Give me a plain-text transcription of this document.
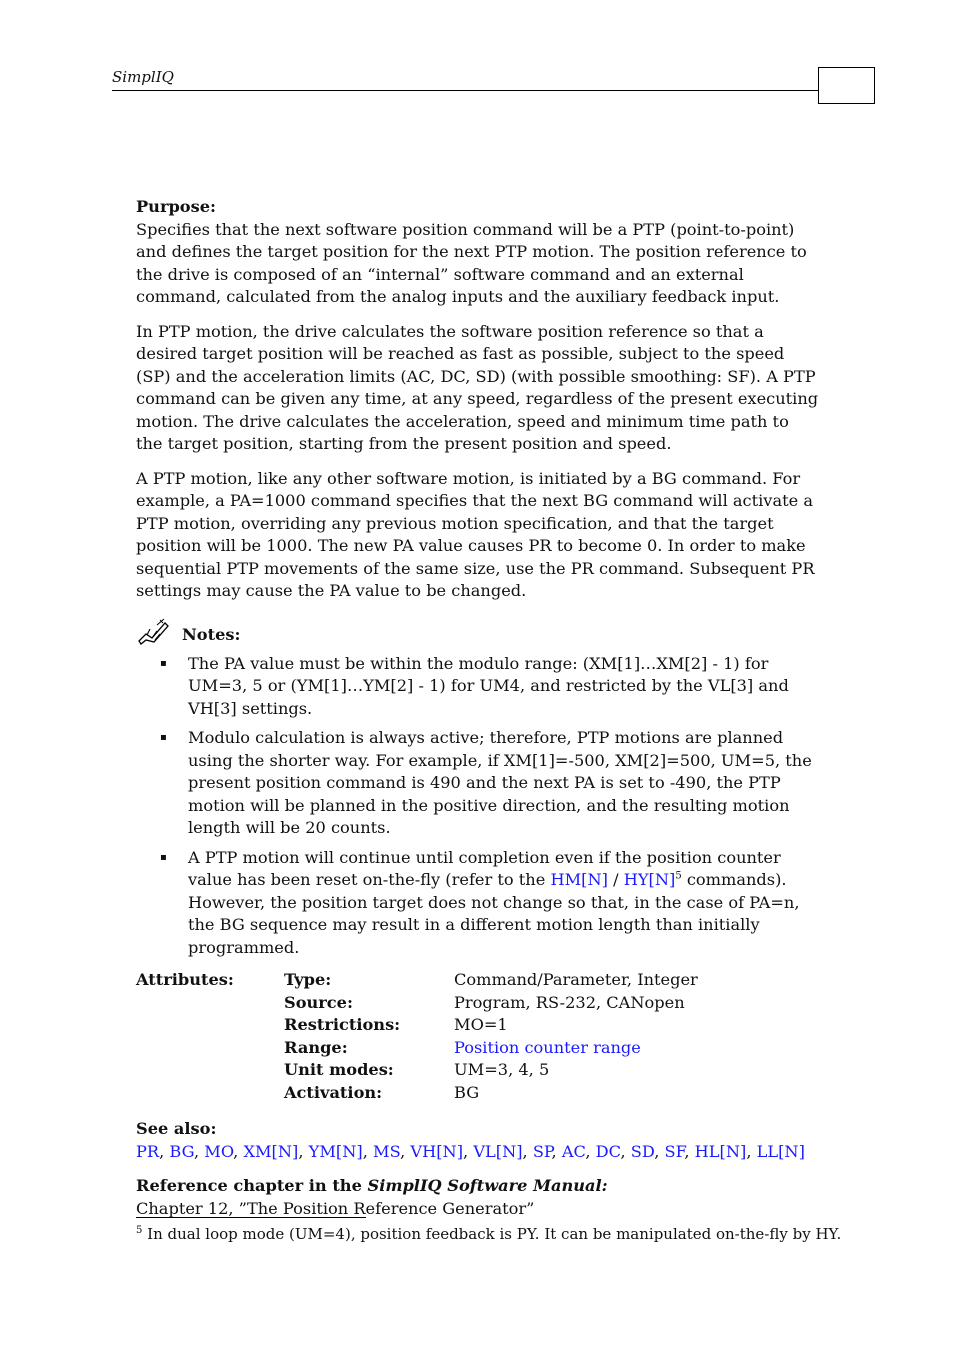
SimplIQ
Purpose:

Specifies that the next software position command will be a PTP (point-to-point) and defines the target position for the next PTP motion. The position reference to the drive is composed of an “internal” software command and an external command, calculated from the analog inputs and the auxiliary feedback input.

In PTP motion, the drive calculates the software position reference so that a desired target position will be reached as fast as possible, subject to the speed (SP) and the acceleration limits (AC, DC, SD) (with possible smoothing: SF). A PTP command can be given any time, at any speed, regardless of the present executing motion. The drive calculates the acceleration, speed and minimum time path to the target position, starting from the present position and speed.

A PTP motion, like any other software motion, is initiated by a BG command. For example, a PA=1000 command specifies that the next BG command will activate a PTP motion, overriding any previous motion specification, and that the target position will be 1000. The new PA value causes PR to become 0. In order to make sequential PTP movements of the same size, use the PR command. Subsequent PR settings may cause the PA value to be changed.

Notes:
▪ The PA value must be within the modulo range: (XM[1]…XM[2] - 1) for UM=3, 5 or (YM[1]…YM[2] - 1) for UM4, and restricted by the VL[3] and VH[3] settings.
▪ Modulo calculation is always active; therefore, PTP motions are planned using the shorter way. For example, if XM[1]=-500, XM[2]=500, UM=5, the present position command is 490 and the next PA is set to -490, the PTP motion will be planned in the positive direction, and the resulting motion length will be 20 counts.
▪ A PTP motion will continue until completion even if the position counter value has been reset on-the-fly (refer to the $HM[N] / HY[N]^5$ commands). However, the position target does not change so that, in the case of PA=n, the BG sequence may result in a different motion length than initially programmed.
Attributes:	Type:	Command/Parameter, Integer
	Source:	Program, RS-232, CANopen
	Restrictions:	MO=1
	Range:	Position counter range
	Unit modes:	UM=3, 4, 5
	Activation:	BG
See also:
PR, BG, MO, XM[N], YM[N], MS, VH[N], VL[N], SP, AC, DC, SD, SF, HL[N], LL[N]
Reference chapter in the SimplIQ Software Manual:
Chapter 12, ”The Position Reference Generator”
$^5$ In dual loop mode (UM=4), position feedback is PY. It can be manipulated on-the-fly by HY.
